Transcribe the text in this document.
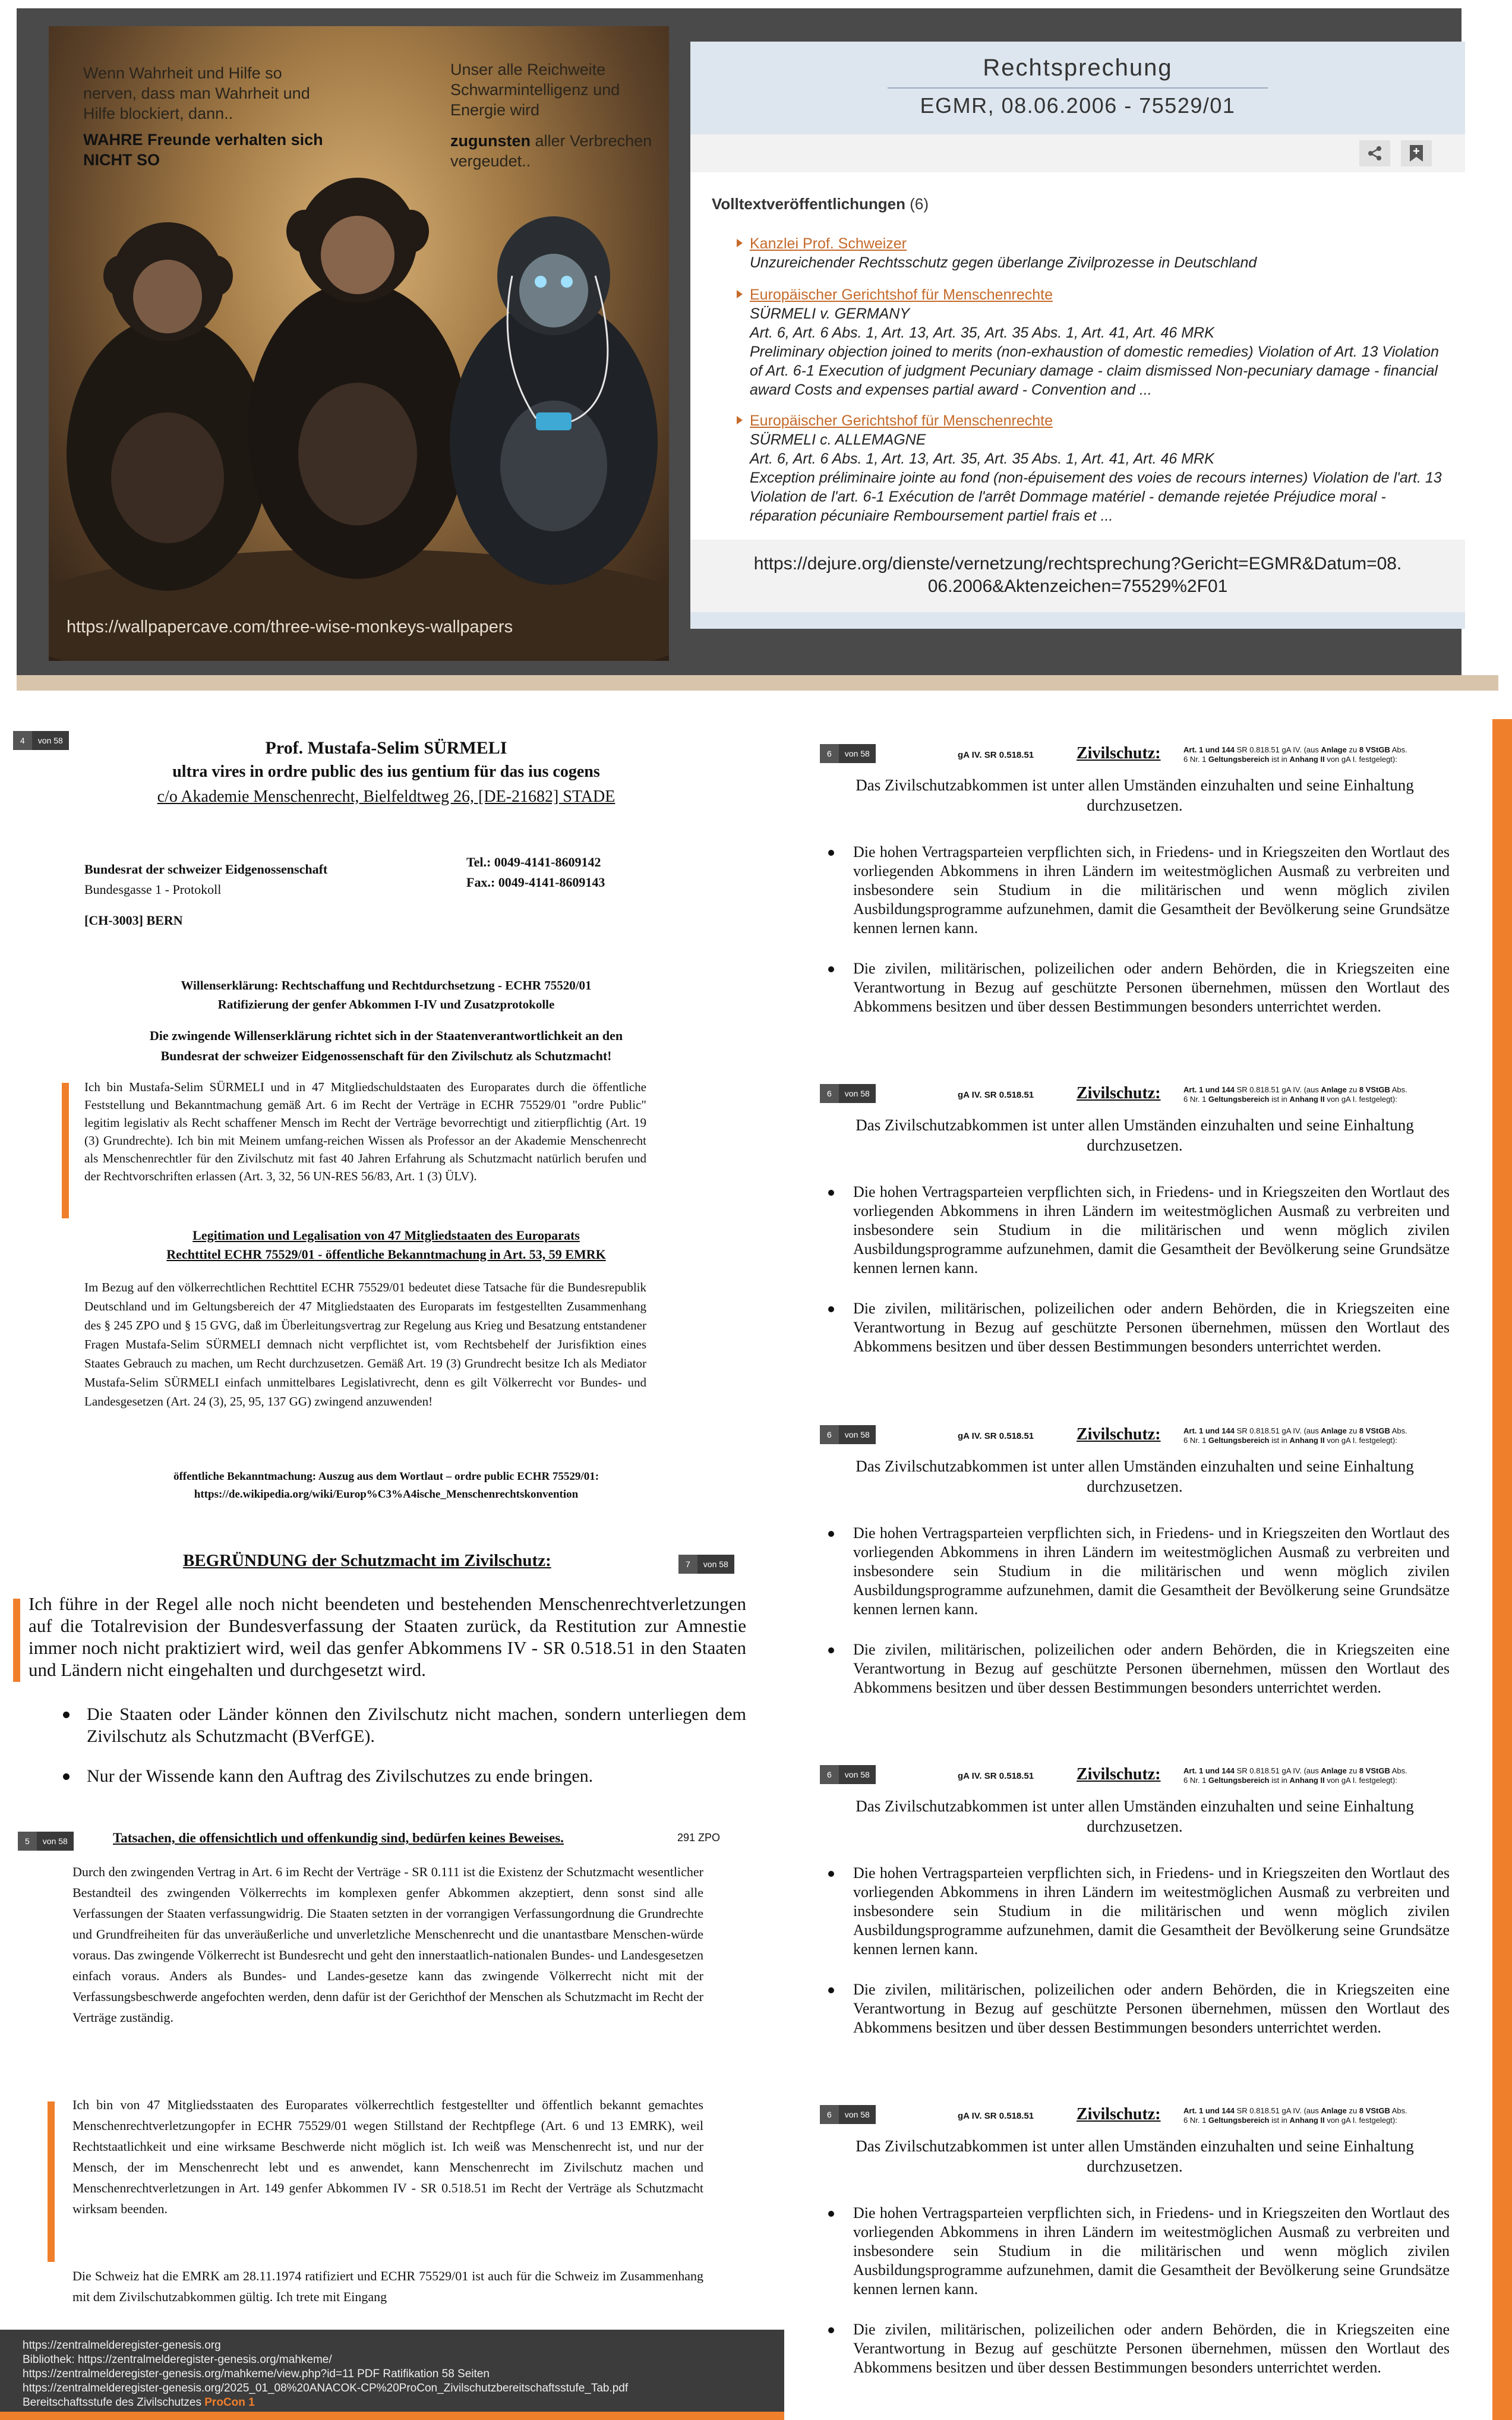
Wenn Wahrheit und Hilfe so nerven, dass man Wahrheit und Hilfe blockiert, dann..
WAHRE Freunde verhalten sich NICHT SO
Unser alle Reichweite Schwarmintelligenz und Energie wird
zugunsten aller Verbrechen vergeudet..
https://wallpapercave.com/three-wise-monkeys-wallpapers
Rechtsprechung
EGMR, 08.06.2006 - 75529/01
Volltextveröffentlichungen (6)
Kanzlei Prof. Schweizer
Unzureichender Rechtsschutz gegen überlange Zivilprozesse in Deutschland
Europäischer Gerichtshof für Menschenrechte
SÜRMELI v. GERMANY
Art. 6, Art. 6 Abs. 1, Art. 13, Art. 35, Art. 35 Abs. 1, Art. 41, Art. 46 MRK
Preliminary objection joined to merits (non-exhaustion of domestic remedies) Violation of Art. 13 Violation of Art. 6-1 Execution of judgment Pecuniary damage - claim dismissed Non-pecuniary damage - financial award Costs and expenses partial award - Convention and ...
Europäischer Gerichtshof für Menschenrechte
SÜRMELI c. ALLEMAGNE
Art. 6, Art. 6 Abs. 1, Art. 13, Art. 35, Art. 35 Abs. 1, Art. 41, Art. 46 MRK
Exception préliminaire jointe au fond (non-épuisement des voies de recours internes) Violation de l'art. 13 Violation de l'art. 6-1 Exécution de l'arrêt Dommage matériel - demande rejetée Préjudice moral - réparation pécuniaire Remboursement partiel frais et ...
https://dejure.org/dienste/vernetzung/rechtsprechung?Gericht=EGMR&Datum=08.06.2006&Aktenzeichen=75529%2F01
4	von 58	Prof. Mustafa-Selim SÜRMELI
ultra vires in ordre public des ius gentium für das ius cogens
c/o Akademie Menschenrecht, Bielfeldtweg 26, [DE-21682] STADE
Bundesrat der schweizer Eidgenossenschaft
Bundesgasse 1 - Protokoll
[CH-3003] BERN
Tel.: 0049-4141-8609142
Fax.: 0049-4141-8609143
Willenserklärung: Rechtschaffung und Rechtdurchsetzung - ECHR 75520/01
Ratifizierung der genfer Abkommen I-IV und Zusatzprotokolle
Die zwingende Willenserklärung richtet sich in der Staatenverantwortlichkeit an den
Bundesrat der schweizer Eidgenossenschaft für den Zivilschutz als Schutzmacht!
Ich bin Mustafa-Selim SÜRMELI und in 47 Mitgliedschuldstaaten des Europarates durch die öffentliche Feststellung und Bekanntmachung gemäß Art. 6 im Recht der Verträge in ECHR 75529/01 "ordre Public" legitim legislativ als Recht schaffener Mensch im Recht der Verträge bevorrechtigt und zitierpflichtig (Art. 19 (3) Grundrechte). Ich bin mit Meinem umfang-reichen Wissen als Professor an der Akademie Menschenrecht als Menschenrechtler für den Zivilschutz mit fast 40 Jahren Erfahrung als Schutzmacht natürlich berufen und der Rechtvorschriften erlassen (Art. 3, 32, 56 UN-RES 56/83, Art. 1 (3) ÜLV).
Legitimation und Legalisation von 47 Mitgliedstaaten des Europarats
Rechttitel ECHR 75529/01 - öffentliche Bekanntmachung in Art. 53, 59 EMRK
Im Bezug auf den völkerrechtlichen Rechttitel ECHR 75529/01 bedeutet diese Tatsache für die Bundesrepublik Deutschland und im Geltungsbereich der 47 Mitgliedstaaten des Europarats im festgestellten Zusammenhang des § 245 ZPO und § 15 GVG, daß im Überleitungsvertrag zur Regelung aus Krieg und Besatzung entstandener Fragen Mustafa-Selim SÜRMELI demnach nicht verpflichtet ist, vom Rechtsbehelf der Jurisfiktion eines Staates Gebrauch zu machen, um Recht durchzusetzen. Gemäß Art. 19 (3) Grundrecht besitze Ich als Mediator Mustafa-Selim SÜRMELI einfach unmittelbares Legislativrecht, denn es gilt Völkerrecht vor Bundes- und Landesgesetzen (Art. 24 (3), 25, 95, 137 GG) zwingend anzuwenden!
öffentliche Bekanntmachung: Auszug aus dem Wortlaut – ordre public ECHR 75529/01:
https://de.wikipedia.org/wiki/Europ%C3%A4ische_Menschenrechtskonvention
BEGRÜNDUNG der Schutzmacht im Zivilschutz:	7	von 58
Ich führe in der Regel alle noch nicht beendeten und bestehenden Menschenrechtverletzungen auf die Totalrevision der Bundesverfassung der Staaten zurück, da Restitution zur Amnestie immer noch nicht praktiziert wird, weil das genfer Abkommens IV - SR 0.518.51 in den Staaten und Ländern nicht eingehalten und durchgesetzt wird.
Die Staaten oder Länder können den Zivilschutz nicht machen, sondern unterliegen dem Zivilschutz als Schutzmacht (BVerfGE).
Nur der Wissende kann den Auftrag des Zivilschutzes zu ende bringen.
5	von 58	Tatsachen, die offensichtlich und offenkundig sind, bedürfen keines Beweises.	291 ZPO
Durch den zwingenden Vertrag in Art. 6 im Recht der Verträge - SR 0.111 ist die Existenz der Schutzmacht wesentlicher Bestandteil des zwingenden Völkerrechts im komplexen genfer Abkommen akzeptiert, denn sonst sind alle Verfassungen der Staaten verfassungwidrig. Die Staaten setzten in der vorrangigen Verfassungordnung die Grundrechte und Grundfreiheiten für das unveräußerliche und unverletzliche Menschenrecht und die unantastbare Menschen-würde voraus. Das zwingende Völkerrecht ist Bundesrecht und geht den innerstaatlich-nationalen Bundes- und Landesgesetzen einfach voraus. Anders als Bundes- und Landes-gesetze kann das zwingende Völkerrecht nicht mit der Verfassungsbeschwerde angefochten werden, denn dafür ist der Gerichthof der Menschen als Schutzmacht im Recht der Verträge zuständig.
Ich bin von 47 Mitgliedsstaaten des Europarates völkerrechtlich festgestellter und öffentlich bekannt gemachtes Menschenrechtverletzungopfer in ECHR 75529/01 wegen Stillstand der Rechtpflege (Art. 6 und 13 EMRK), weil Rechtstaatlichkeit und eine wirksame Beschwerde nicht möglich ist. Ich weiß was Menschenrecht ist, und nur der Mensch, der im Menschenrecht lebt und es anwendet, kann Menschenrecht im Zivilschutz machen und Menschenrechtverletzungen in Art. 149 genfer Abkommen IV - SR 0.518.51 im Recht der Verträge als Schutzmacht wirksam beenden.
Die Schweiz hat die EMRK am 28.11.1974 ratifiziert und ECHR 75529/01 ist auch für die Schweiz im Zusammenhang mit dem Zivilschutzabkommen gültig. Ich trete mit Eingang
6	von 58	gA IV. SR 0.518.51	Zivilschutz:	Art. 1 und 144 SR 0.818.51 gA IV. (aus Anlage zu 8 VStGB Abs. 6 Nr. 1 Geltungsbereich ist in Anhang II von gA I. festgelegt):
Das Zivilschutzabkommen ist unter allen Umständen einzuhalten und seine Einhaltung durchzusetzen.
Die hohen Vertragsparteien verpflichten sich, in Friedens- und in Kriegszeiten den Wortlaut des vorliegenden Abkommens in ihren Ländern im weitestmöglichen Ausmaß zu verbreiten und insbesondere sein Studium in die militärischen und wenn möglich zivilen Ausbildungsprogramme aufzunehmen, damit die Gesamtheit der Bevölkerung seine Grundsätze kennen lernen kann.
Die zivilen, militärischen, polizeilichen oder andern Behörden, die in Kriegszeiten eine Verantwortung in Bezug auf geschützte Personen übernehmen, müssen den Wortlaut des Abkommens besitzen und über dessen Bestimmungen besonders unterrichtet werden.
6	von 58	gA IV. SR 0.518.51	Zivilschutz:	Art. 1 und 144 SR 0.818.51 gA IV. (aus Anlage zu 8 VStGB Abs. 6 Nr. 1 Geltungsbereich ist in Anhang II von gA I. festgelegt):
Das Zivilschutzabkommen ist unter allen Umständen einzuhalten und seine Einhaltung durchzusetzen.
Die hohen Vertragsparteien verpflichten sich, in Friedens- und in Kriegszeiten den Wortlaut des vorliegenden Abkommens in ihren Ländern im weitestmöglichen Ausmaß zu verbreiten und insbesondere sein Studium in die militärischen und wenn möglich zivilen Ausbildungsprogramme aufzunehmen, damit die Gesamtheit der Bevölkerung seine Grundsätze kennen lernen kann.
Die zivilen, militärischen, polizeilichen oder andern Behörden, die in Kriegszeiten eine Verantwortung in Bezug auf geschützte Personen übernehmen, müssen den Wortlaut des Abkommens besitzen und über dessen Bestimmungen besonders unterrichtet werden.
6	von 58	gA IV. SR 0.518.51	Zivilschutz:	Art. 1 und 144 SR 0.818.51 gA IV. (aus Anlage zu 8 VStGB Abs. 6 Nr. 1 Geltungsbereich ist in Anhang II von gA I. festgelegt):
Das Zivilschutzabkommen ist unter allen Umständen einzuhalten und seine Einhaltung durchzusetzen.
Die hohen Vertragsparteien verpflichten sich, in Friedens- und in Kriegszeiten den Wortlaut des vorliegenden Abkommens in ihren Ländern im weitestmöglichen Ausmaß zu verbreiten und insbesondere sein Studium in die militärischen und wenn möglich zivilen Ausbildungsprogramme aufzunehmen, damit die Gesamtheit der Bevölkerung seine Grundsätze kennen lernen kann.
Die zivilen, militärischen, polizeilichen oder andern Behörden, die in Kriegszeiten eine Verantwortung in Bezug auf geschützte Personen übernehmen, müssen den Wortlaut des Abkommens besitzen und über dessen Bestimmungen besonders unterrichtet werden.
6	von 58	gA IV. SR 0.518.51	Zivilschutz:	Art. 1 und 144 SR 0.818.51 gA IV. (aus Anlage zu 8 VStGB Abs. 6 Nr. 1 Geltungsbereich ist in Anhang II von gA I. festgelegt):
Das Zivilschutzabkommen ist unter allen Umständen einzuhalten und seine Einhaltung durchzusetzen.
Die hohen Vertragsparteien verpflichten sich, in Friedens- und in Kriegszeiten den Wortlaut des vorliegenden Abkommens in ihren Ländern im weitestmöglichen Ausmaß zu verbreiten und insbesondere sein Studium in die militärischen und wenn möglich zivilen Ausbildungsprogramme aufzunehmen, damit die Gesamtheit der Bevölkerung seine Grundsätze kennen lernen kann.
Die zivilen, militärischen, polizeilichen oder andern Behörden, die in Kriegszeiten eine Verantwortung in Bezug auf geschützte Personen übernehmen, müssen den Wortlaut des Abkommens besitzen und über dessen Bestimmungen besonders unterrichtet werden.
6	von 58	gA IV. SR 0.518.51	Zivilschutz:	Art. 1 und 144 SR 0.818.51 gA IV. (aus Anlage zu 8 VStGB Abs. 6 Nr. 1 Geltungsbereich ist in Anhang II von gA I. festgelegt):
Das Zivilschutzabkommen ist unter allen Umständen einzuhalten und seine Einhaltung durchzusetzen.
Die hohen Vertragsparteien verpflichten sich, in Friedens- und in Kriegszeiten den Wortlaut des vorliegenden Abkommens in ihren Ländern im weitestmöglichen Ausmaß zu verbreiten und insbesondere sein Studium in die militärischen und wenn möglich zivilen Ausbildungsprogramme aufzunehmen, damit die Gesamtheit der Bevölkerung seine Grundsätze kennen lernen kann.
Die zivilen, militärischen, polizeilichen oder andern Behörden, die in Kriegszeiten eine Verantwortung in Bezug auf geschützte Personen übernehmen, müssen den Wortlaut des Abkommens besitzen und über dessen Bestimmungen besonders unterrichtet werden.
https://zentralmelderegister-genesis.org
Bibliothek: https://zentralmelderegister-genesis.org/mahkeme/
https://zentralmelderegister-genesis.org/mahkeme/view.php?id=11 PDF Ratifikation 58 Seiten
https://zentralmelderegister-genesis.org/2025_01_08%20ANACOK-CP%20ProCon_Zivilschutzbereitschaftsstufe_Tab.pdf
Bereitschaftsstufe des Zivilschutzes ProCon 1
